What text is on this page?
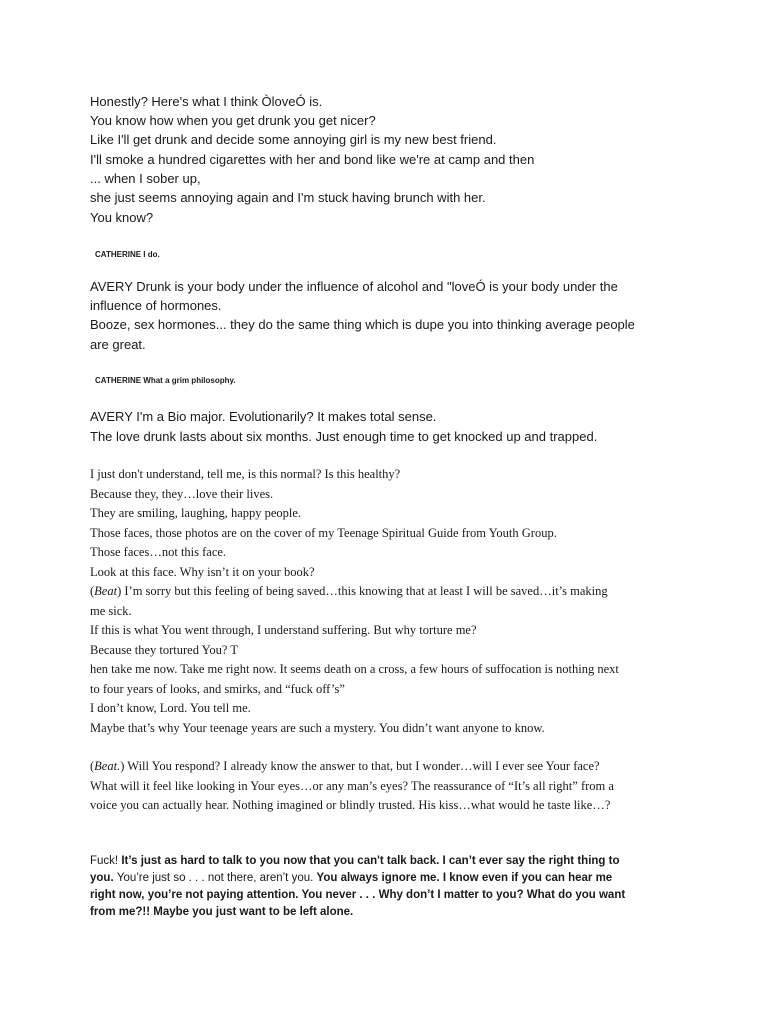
Honestly? Here's what I think ÒloveÓ is.

You know how when you get drunk you get nicer?

Like I'll get drunk and decide some annoying girl is my new best friend.

I'll smoke a hundred cigarettes with her and bond like we're at camp and then

... when I sober up,

she just seems annoying again and I'm stuck having brunch with her.

You know?

CATHERINE I do.

AVERY Drunk is your body under the influence of alcohol and "loveÓ is your body under the

influence of hormones.

Booze, sex hormones... they do the same thing which is dupe you into thinking average people

are great.

CATHERINE What a grim philosophy.

AVERY I'm a Bio major. Evolutionarily? It makes total sense.

The love drunk lasts about six months. Just enough time to get knocked up and trapped.

I just don't understand, tell me, is this normal? Is this healthy?

Because they, they…love their lives.

They are smiling, laughing, happy people.

Those faces, those photos are on the cover of my Teenage Spiritual Guide from Youth Group.

Those faces…not this face.

Look at this face. Why isn’t it on your book?

(Beat) I’m sorry but this feeling of being saved…this knowing that at least I will be saved…it’s making

me sick.

If this is what You went through, I understand suffering. But why torture me?

Because they tortured You? T

hen take me now. Take me right now. It seems death on a cross, a few hours of suffocation is nothing next

to four years of looks, and smirks, and “fuck off’s”

I don’t know, Lord. You tell me.

Maybe that’s why Your teenage years are such a mystery. You didn’t want anyone to know.

(Beat.) Will You respond? I already know the answer to that, but I wonder…will I ever see Your face?

What will it feel like looking in Your eyes…or any man’s eyes? The reassurance of “It’s all right” from a

voice you can actually hear. Nothing imagined or blindly trusted. His kiss…what would he taste like…?

Fuck! It’s just as hard to talk to you now that you can't talk back. I can’t ever say the right thing to

you. You’re just so . . . not there, aren’t you. You always ignore me. I know even if you can hear me

right now, you’re not paying attention. You never . . . Why don’t I matter to you? What do you want

from me?!! Maybe you just want to be left alone.
